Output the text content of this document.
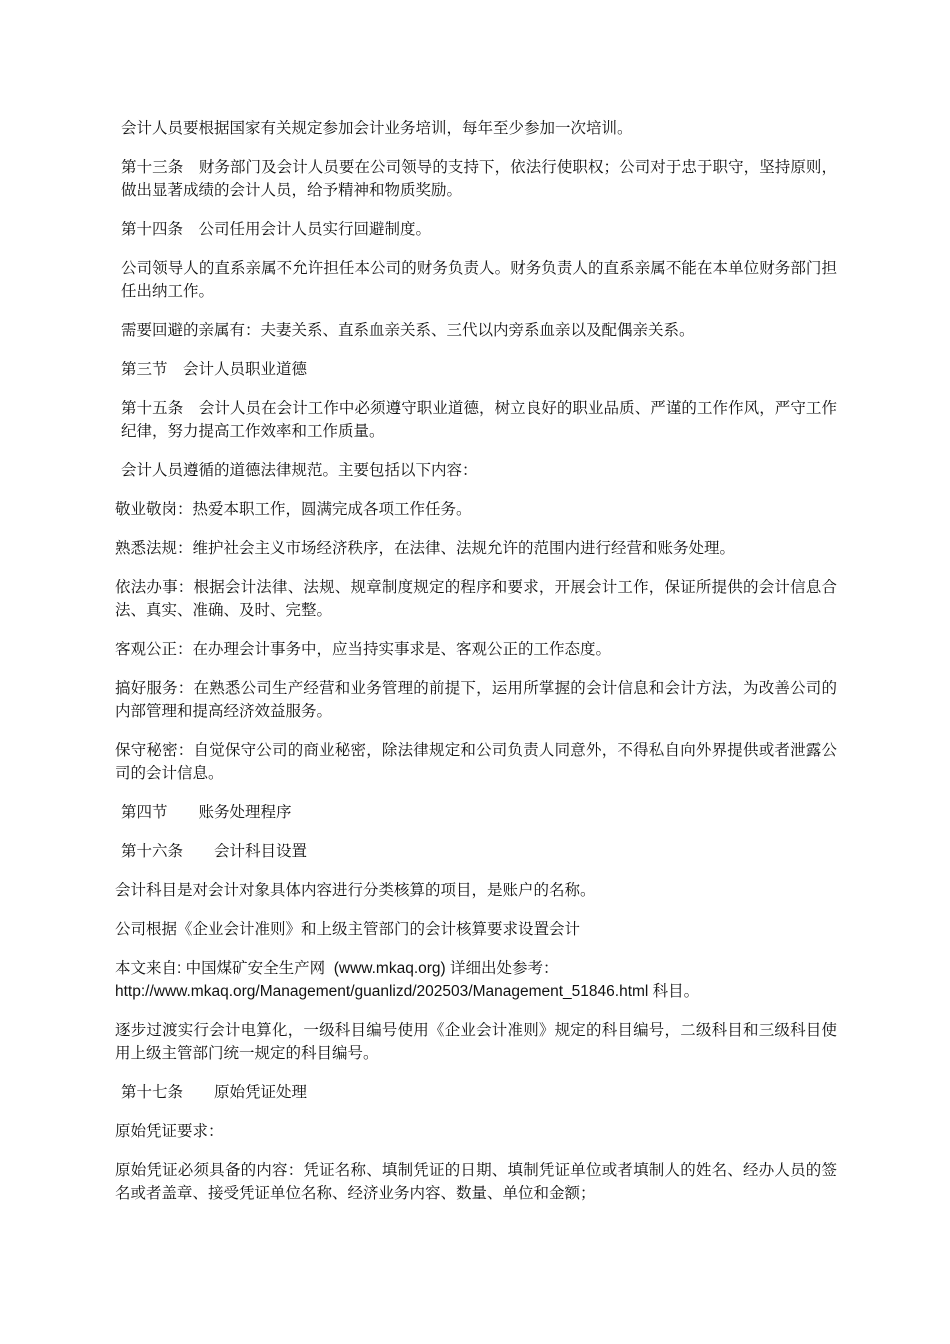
会计人员要根据国家有关规定参加会计业务培训，每年至少参加一次培训。

第十三条　财务部门及会计人员要在公司领导的支持下，依法行使职权；公司对于忠于职守，坚持原则，做出显著成绩的会计人员，给予精神和物质奖励。

第十四条　公司任用会计人员实行回避制度。

公司领导人的直系亲属不允许担任本公司的财务负责人。财务负责人的直系亲属不能在本单位财务部门担任出纳工作。

需要回避的亲属有：夫妻关系、直系血亲关系、三代以内旁系血亲以及配偶亲关系。

第三节　会计人员职业道德

第十五条　会计人员在会计工作中必须遵守职业道德，树立良好的职业品质、严谨的工作作风，严守工作纪律，努力提高工作效率和工作质量。

会计人员遵循的道德法律规范。主要包括以下内容：

敬业敬岗：热爱本职工作，圆满完成各项工作任务。

熟悉法规：维护社会主义市场经济秩序，在法律、法规允许的范围内进行经营和账务处理。

依法办事：根据会计法律、法规、规章制度规定的程序和要求，开展会计工作，保证所提供的会计信息合法、真实、准确、及时、完整。

客观公正：在办理会计事务中，应当持实事求是、客观公正的工作态度。

搞好服务：在熟悉公司生产经营和业务管理的前提下，运用所掌握的会计信息和会计方法，为改善公司的内部管理和提高经济效益服务。

保守秘密：自觉保守公司的商业秘密，除法律规定和公司负责人同意外，不得私自向外界提供或者泄露公司的会计信息。

第四节　　账务处理程序

第十六条　　会计科目设置

会计科目是对会计对象具体内容进行分类核算的项目，是账户的名称。

公司根据《企业会计准则》和上级主管部门的会计核算要求设置会计

本文来自: 中国煤矿安全生产网  (www.mkaq.org) 详细出处参考：
http://www.mkaq.org/Management/guanlizd/202503/Management_51846.html 科目。

逐步过渡实行会计电算化，一级科目编号使用《企业会计准则》规定的科目编号，二级科目和三级科目使用上级主管部门统一规定的科目编号。

第十七条　　原始凭证处理

原始凭证要求：

原始凭证必须具备的内容：凭证名称、填制凭证的日期、填制凭证单位或者填制人的姓名、经办人员的签名或者盖章、接受凭证单位名称、经济业务内容、数量、单位和金额；
